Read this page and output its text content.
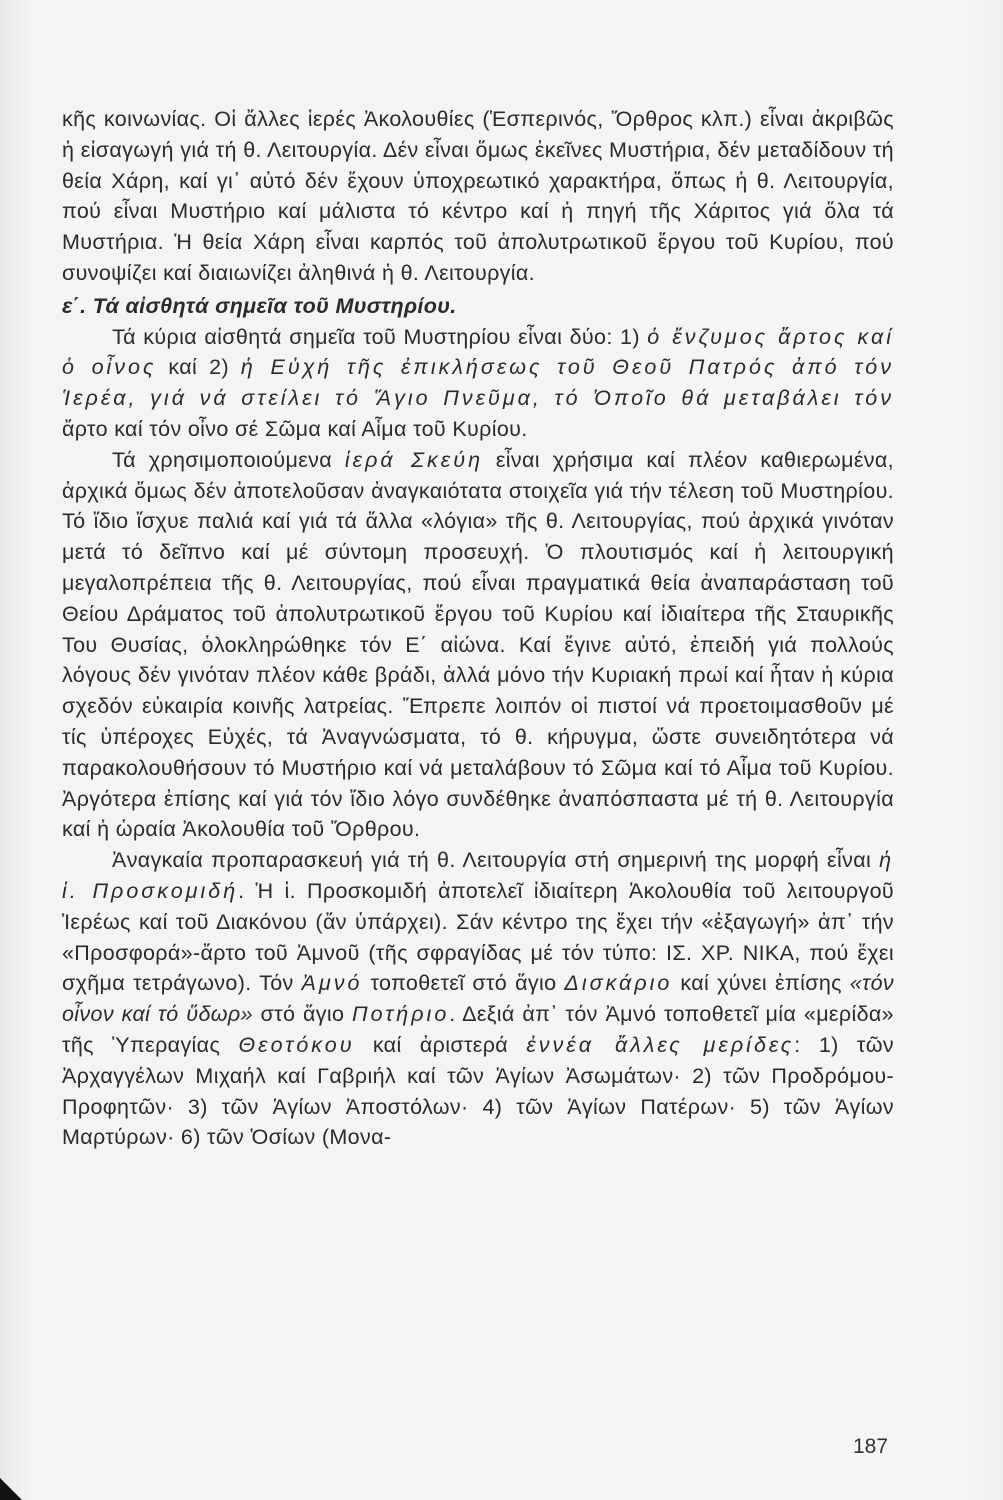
κῆς κοινωνίας. Οἱ ἄλλες ἱερές Ἀκολουθίες (Ἑσπερινός, Ὄρθρος κλπ.) εἶναι ἀκριβῶς ἡ εἰσαγωγή γιά τή θ. Λειτουργία. Δέν εἶναι ὅμως ἐκεῖνες Μυστήρια, δέν μεταδίδουν τή θεία Χάρη, καί γι᾽ αὐτό δέν ἔχουν ὑποχρεωτικό χαρακτήρα, ὅπως ἡ θ. Λειτουργία, πού εἶναι Μυστήριο καί μάλιστα τό κέντρο καί ἡ πηγή τῆς Χάριτος γιά ὅλα τά Μυστήρια. Ἡ θεία Χάρη εἶναι καρπός τοῦ ἀπολυτρωτικοῦ ἔργου τοῦ Κυρίου, πού συνοψίζει καί διαιωνίζει ἀληθινά ἡ θ. Λειτουργία.

ε΄. Τά αἰσθητά σημεῖα τοῦ Μυστηρίου.

Τά κύρια αἰσθητά σημεῖα τοῦ Μυστηρίου εἶναι δύο: 1) ὁ ἔνζυμος ἄρτος καί ὁ οἶνος καί 2) ἡ Εὐχή τῆς ἐπικλήσεως τοῦ Θεοῦ Πατρός ἀπό τόν Ἱερέα, γιά νά στείλει τό Ἅγιο Πνεῦμα, τό Ὁποῖο θά μεταβάλει τόν ἄρτο καί τόν οἶνο σέ Σῶμα καί Αἷμα τοῦ Κυρίου.

Τά χρησιμοποιούμενα ἱερά Σκεύη εἶναι χρήσιμα καί πλέον καθιερωμένα, ἀρχικά ὅμως δέν ἀποτελοῦσαν ἀναγκαιότατα στοιχεῖα γιά τήν τέλεση τοῦ Μυστηρίου. Τό ἴδιο ἴσχυε παλιά καί γιά τά ἄλλα «λόγια» τῆς θ. Λειτουργίας, πού ἀρχικά γινόταν μετά τό δεῖπνο καί μέ σύντομη προσευχή. Ὁ πλουτισμός καί ἡ λειτουργική μεγαλοπρέπεια τῆς θ. Λειτουργίας, πού εἶναι πραγματικά θεία ἀναπαράσταση τοῦ Θείου Δράματος τοῦ ἀπολυτρωτικοῦ ἔργου τοῦ Κυρίου καί ἰδιαίτερα τῆς Σταυρικῆς Του Θυσίας, ὁλοκληρώθηκε τόν Ε΄ αἰώνα. Καί ἔγινε αὐτό, ἐπειδή γιά πολλούς λόγους δέν γινόταν πλέον κάθε βράδι, ἀλλά μόνο τήν Κυριακή πρωί καί ἦταν ἡ κύρια σχεδόν εὐκαιρία κοινῆς λατρείας. Ἔπρεπε λοιπόν οἱ πιστοί νά προετοιμασθοῦν μέ τίς ὑπέροχες Εὐχές, τά Ἀναγνώσματα, τό θ. κήρυγμα, ὥστε συνειδητότερα νά παρακολουθήσουν τό Μυστήριο καί νά μεταλάβουν τό Σῶμα καί τό Αἷμα τοῦ Κυρίου. Ἀργότερα ἐπίσης καί γιά τόν ἴδιο λόγο συνδέθηκε ἀναπόσπαστα μέ τή θ. Λειτουργία καί ἡ ὡραία Ἀκολουθία τοῦ Ὄρθρου.

Ἀναγκαία προπαρασκευή γιά τή θ. Λειτουργία στή σημερινή της μορφή εἶναι ἡ ἱ. Προσκομιδή. Ἡ ἱ. Προσκομιδή ἀποτελεῖ ἰδιαίτερη Ἀκολουθία τοῦ λειτουργοῦ Ἱερέως καί τοῦ Διακόνου (ἄν ὑπάρχει). Σάν κέντρο της ἔχει τήν «ἐξαγωγή» ἀπ᾽ τήν «Προσφορά»-ἄρτο τοῦ Ἀμνοῦ (τῆς σφραγίδας μέ τόν τύπο: ΙΣ. ΧΡ. ΝΙΚΑ, πού ἔχει σχῆμα τετράγωνο). Τόν Ἀμνό τοποθετεῖ στό ἅγιο Δισκάριο καί χύνει ἐπίσης «τόν οἶνον καί τό ὕδωρ» στό ἅγιο Ποτήριο. Δεξιά ἀπ᾽ τόν Ἀμνό τοποθετεῖ μία «μερίδα» τῆς Ὑπεραγίας Θεοτόκου καί ἀριστερά ἐννέα ἄλλες μερίδες: 1) τῶν Ἀρχαγγέλων Μιχαήλ καί Γαβριήλ καί τῶν Ἁγίων Ἀσωμάτων· 2) τῶν Προδρόμου-Προφητῶν· 3) τῶν Ἁγίων Ἀποστόλων· 4) τῶν Ἁγίων Πατέρων· 5) τῶν Ἁγίων Μαρτύρων· 6) τῶν Ὁσίων (Μονα-

187
